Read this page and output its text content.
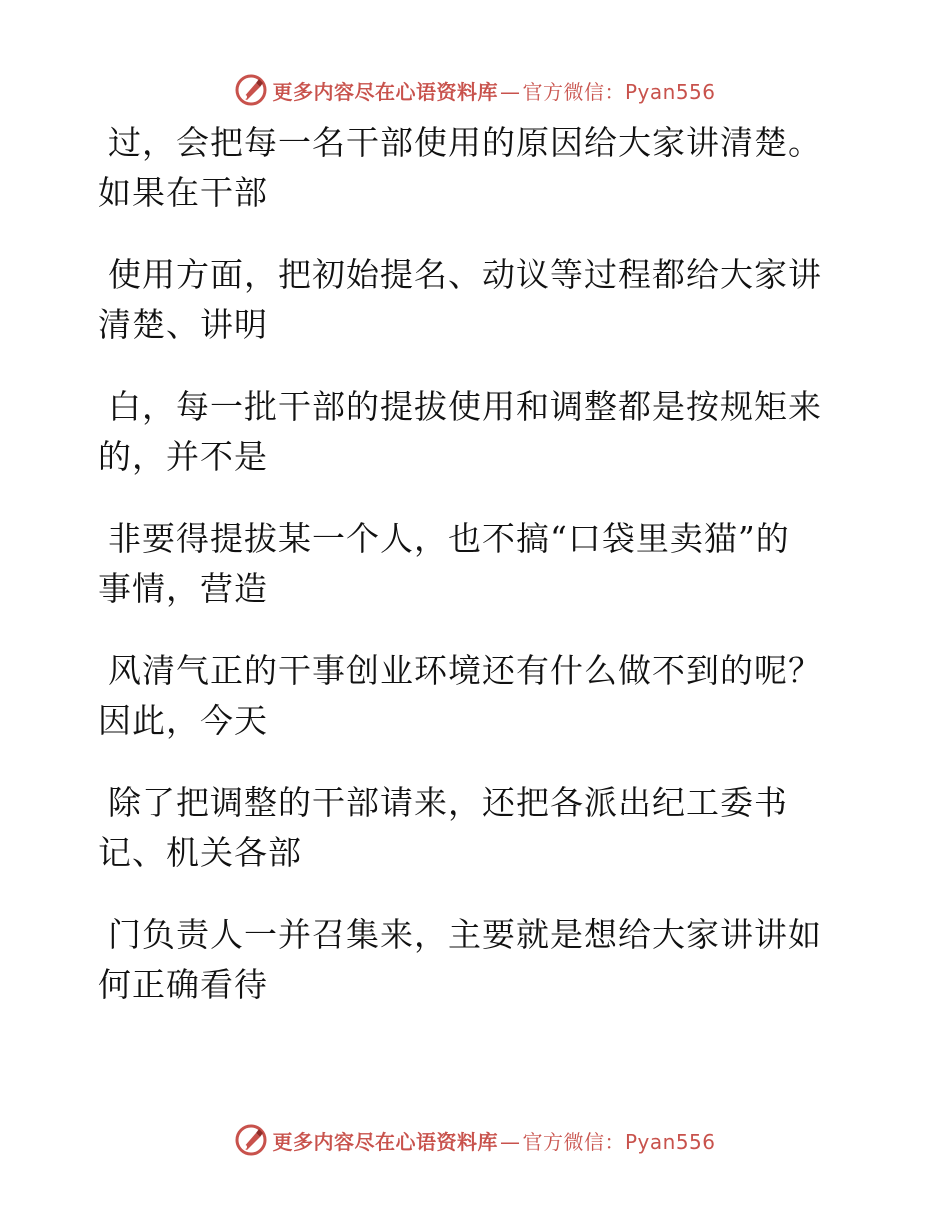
更多内容尽在心语资料库 — 官方微信：Pyan556
过，会把每一名干部使用的原因给大家讲清楚。
如果在干部
使用方面，把初始提名、动议等过程都给大家讲
清楚、讲明
白，每一批干部的提拔使用和调整都是按规矩来
的，并不是
非要得提拔某一个人，也不搞“口袋里卖猫”的
事情，营造
风清气正的干事创业环境还有什么做不到的呢？
因此，今天
除了把调整的干部请来，还把各派出纪工委书
记、机关各部
门负责人一并召集来，主要就是想给大家讲讲如
何正确看待
更多内容尽在心语资料库 — 官方微信：Pyan556
